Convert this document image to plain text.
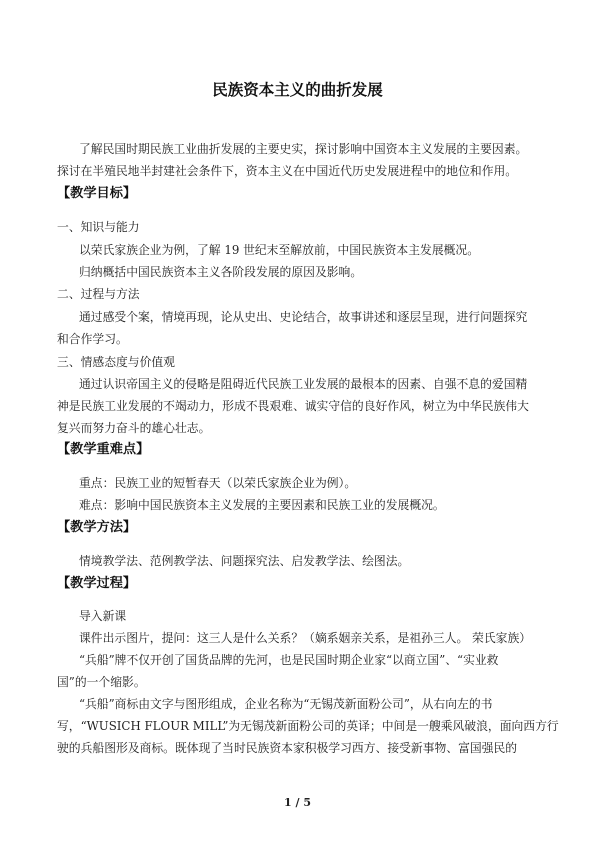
民族资本主义的曲折发展
了解民国时期民族工业曲折发展的主要史实，探讨影响中国资本主义发展的主要因素。
探讨在半殖民地半封建社会条件下，资本主义在中国近代历史发展进程中的地位和作用。
【教学目标】
一、知识与能力
以荣氏家族企业为例，了解 19 世纪末至解放前，中国民族资本主发展概况。
归纳概括中国民族资本主义各阶段发展的原因及影响。
二、过程与方法
通过感受个案，情境再现，论从史出、史论结合，故事讲述和逐层呈现，进行问题探究
和合作学习。
三、情感态度与价值观
通过认识帝国主义的侵略是阻碍近代民族工业发展的最根本的因素、自强不息的爱国精
神是民族工业发展的不竭动力，形成不畏艰难、诚实守信的良好作风，树立为中华民族伟大
复兴而努力奋斗的雄心壮志。
【教学重难点】
重点：民族工业的短暂春天（以荣氏家族企业为例）。
难点：影响中国民族资本主义发展的主要因素和民族工业的发展概况。
【教学方法】
情境教学法、范例教学法、问题探究法、启发教学法、绘图法。
【教学过程】
导入新课
课件出示图片，提问：这三人是什么关系？（嫡系姻亲关系，是祖孙三人。 荣氏家族）
“兵船”牌不仅开创了国货品牌的先河，也是民国时期企业家“以商立国”、“实业救
国”的一个缩影。
“兵船”商标由文字与图形组成，企业名称为“无锡茂新面粉公司”，从右向左的书
写，“WUSICH FLOUR MILL”为无锡茂新面粉公司的英译；中间是一艘乘风破浪，面向西方行
驶的兵船图形及商标。既体现了当时民族资本家积极学习西方、接受新事物、富国强民的
1 / 5
